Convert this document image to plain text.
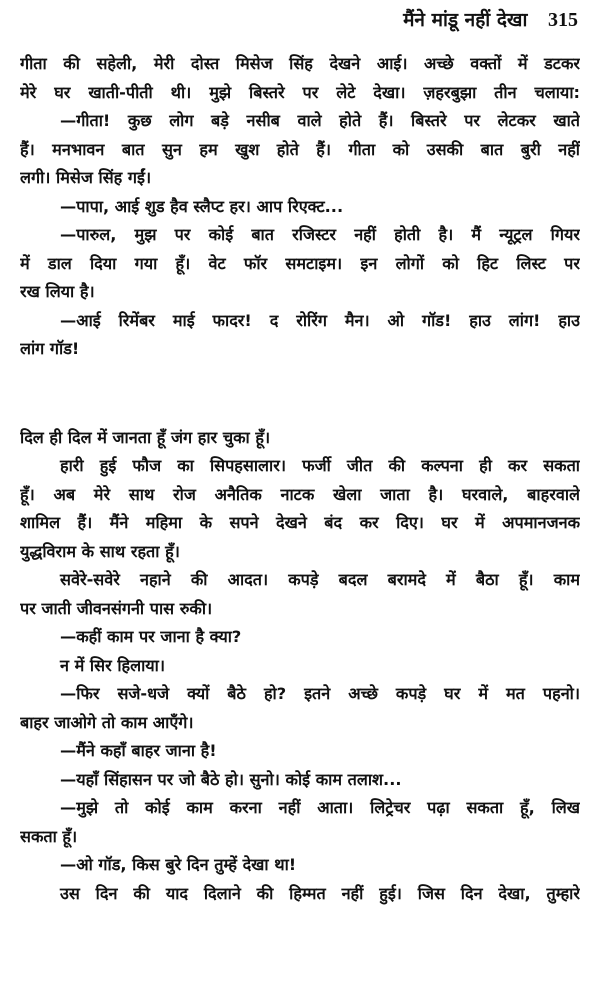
मैंने मांडू नहीं देखा 315
गीता की सहेली, मेरी दोस्त मिसेज सिंह देखने आई। अच्छे वक्तों में डटकर
मेरे घर खाती-पीती थी। मुझे बिस्तरे पर लेटे देखा। ज़हरबुझा तीन चलाया:
—गीता! कुछ लोग बड़े नसीब वाले होते हैं। बिस्तरे पर लेटकर खाते
हैं। मनभावन बात सुन हम खुश होते हैं। गीता को उसकी बात बुरी नहीं
लगी। मिसेज सिंह गईं।
—पापा, आई शुड हैव स्लैप्ट हर। आप रिएक्ट...
—पारुल, मुझ पर कोई बात रजिस्टर नहीं होती है। मैं न्यूट्रल गियर
में डाल दिया गया हूँ। वेट फॉर समटाइम। इन लोगों को हिट लिस्ट पर
रख लिया है।
—आई रिमेंबर माई फादर! द रोरिंग मैन। ओ गॉड! हाउ लांग! हाउ
लांग गॉड!
दिल ही दिल में जानता हूँ जंग हार चुका हूँ।
हारी हुई फौज का सिपहसालार। फर्जी जीत की कल्पना ही कर सकता
हूँ। अब मेरे साथ रोज अनैतिक नाटक खेला जाता है। घरवाले, बाहरवाले
शामिल हैं। मैंने महिमा के सपने देखने बंद कर दिए। घर में अपमानजनक
युद्धविराम के साथ रहता हूँ।
सवेरे-सवेरे नहाने की आदत। कपड़े बदल बरामदे में बैठा हूँ। काम
पर जाती जीवनसंगनी पास रुकी।
—कहीं काम पर जाना है क्या?
न में सिर हिलाया।
—फिर सजे-धजे क्यों बैठे हो? इतने अच्छे कपड़े घर में मत पहनो।
बाहर जाओगे तो काम आएँगे।
—मैंने कहाँ बाहर जाना है!
—यहाँ सिंहासन पर जो बैठे हो। सुनो। कोई काम तलाश...
—मुझे तो कोई काम करना नहीं आता। लिट्रेचर पढ़ा सकता हूँ, लिख
सकता हूँ।
—ओ गॉड, किस बुरे दिन तुम्हें देखा था!
उस दिन की याद दिलाने की हिम्मत नहीं हुई। जिस दिन देखा, तुम्हारे
